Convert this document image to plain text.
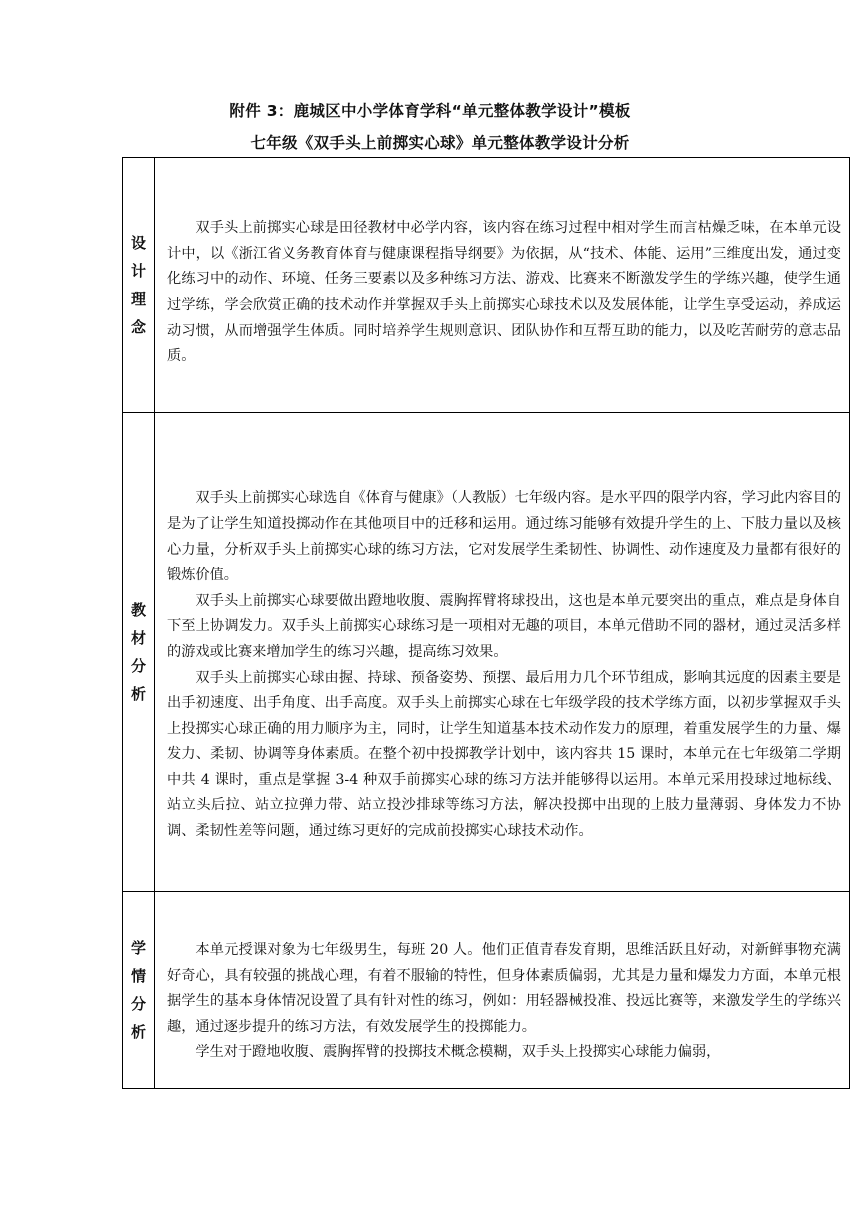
附件 3：鹿城区中小学体育学科“单元整体教学设计”模板
七年级《双手头上前掷实心球》单元整体教学设计分析
设计理念	双手头上前掷实心球是田径教材中必学内容，该内容在练习过程中相对学生而言枯燥乏味，在本单元设计中，以《浙江省义务教育体育与健康课程指导纲要》为依据，从“技术、体能、运用”三维度出发，通过变化练习中的动作、环境、任务三要素以及多种练习方法、游戏、比赛来不断激发学生的学练兴趣，使学生通过学练，学会欣赏正确的技术动作并掌握双手头上前掷实心球技术以及发展体能，让学生享受运动，养成运动习惯，从而增强学生体质。同时培养学生规则意识、团队协作和互帮互助的能力，以及吃苦耐劳的意志品质。

教材分析	双手头上前掷实心球选自《体育与健康》（人教版）七年级内容。是水平四的限学内容，学习此内容目的是为了让学生知道投掷动作在其他项目中的迁移和运用。通过练习能够有效提升学生的上、下肢力量以及核心力量，分析双手头上前掷实心球的练习方法，它对发展学生柔韧性、协调性、动作速度及力量都有很好的锻炼价值。

双手头上前掷实心球要做出蹬地收腹、震胸挥臂将球投出，这也是本单元要突出的重点，难点是身体自下至上协调发力。双手头上前掷实心球练习是一项相对无趣的项目，本单元借助不同的器材，通过灵活多样的游戏或比赛来增加学生的练习兴趣，提高练习效果。

双手头上前掷实心球由握、持球、预备姿势、预摆、最后用力几个环节组成，影响其远度的因素主要是出手初速度、出手角度、出手高度。双手头上前掷实心球在七年级学段的技术学练方面，以初步掌握双手头上投掷实心球正确的用力顺序为主，同时，让学生知道基本技术动作发力的原理，着重发展学生的力量、爆发力、柔韧、协调等身体素质。在整个初中投掷教学计划中，该内容共 15 课时，本单元在七年级第二学期中共 4 课时，重点是掌握 3-4 种双手前掷实心球的练习方法并能够得以运用。本单元采用投球过地标线、站立头后拉、站立拉弹力带、站立投沙排球等练习方法，解决投掷中出现的上肢力量薄弱、身体发力不协调、柔韧性差等问题，通过练习更好的完成前投掷实心球技术动作。

学情分析	本单元授课对象为七年级男生，每班 20 人。他们正值青春发育期，思维活跃且好动，对新鲜事物充满好奇心，具有较强的挑战心理，有着不服输的特性，但身体素质偏弱，尤其是力量和爆发力方面，本单元根据学生的基本身体情况设置了具有针对性的练习，例如：用轻器械投准、投远比赛等，来激发学生的学练兴趣，通过逐步提升的练习方法，有效发展学生的投掷能力。

学生对于蹬地收腹、震胸挥臂的投掷技术概念模糊，双手头上投掷实心球能力偏弱，
